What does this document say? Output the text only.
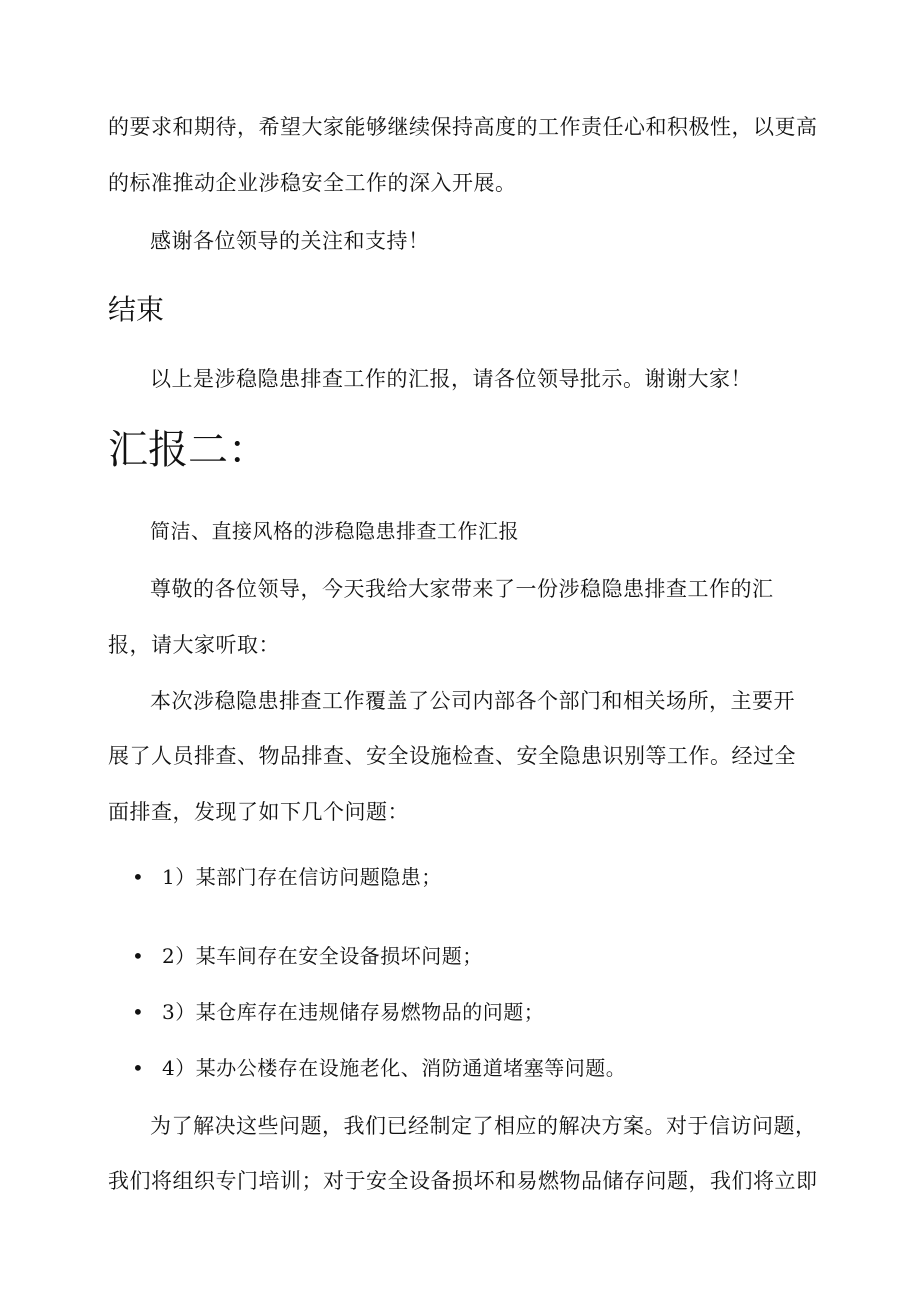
的要求和期待，希望大家能够继续保持高度的工作责任心和积极性，以更高
的标准推动企业涉稳安全工作的深入开展。
感谢各位领导的关注和支持！
结束
以上是涉稳隐患排查工作的汇报，请各位领导批示。谢谢大家！
汇报二：
简洁、直接风格的涉稳隐患排查工作汇报
尊敬的各位领导，今天我给大家带来了一份涉稳隐患排查工作的汇
报，请大家听取：
本次涉稳隐患排查工作覆盖了公司内部各个部门和相关场所，主要开
展了人员排查、物品排查、安全设施检查、安全隐患识别等工作。经过全
面排查，发现了如下几个问题：
• 1）某部门存在信访问题隐患；
• 2）某车间存在安全设备损坏问题；
• 3）某仓库存在违规储存易燃物品的问题；
• 4）某办公楼存在设施老化、消防通道堵塞等问题。
为了解决这些问题，我们已经制定了相应的解决方案。对于信访问题，
我们将组织专门培训；对于安全设备损坏和易燃物品储存问题，我们将立即
